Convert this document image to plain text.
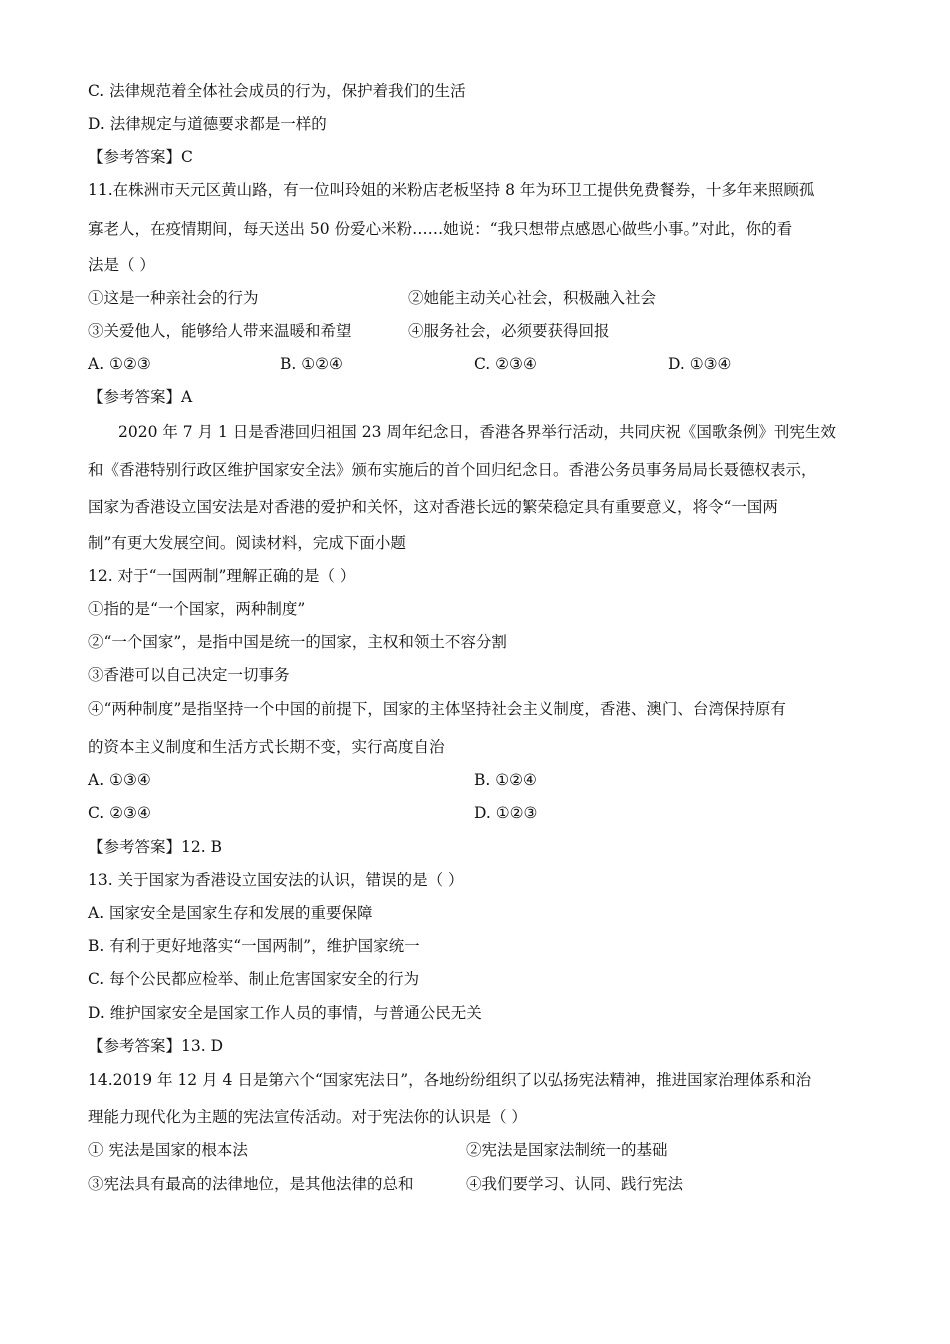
C. 法律规范着全体社会成员的行为，保护着我们的生活
D. 法律规定与道德要求都是一样的
【参考答案】C
11.在株洲市天元区黄山路，有一位叫玲姐的米粉店老板坚持 8 年为环卫工提供免费餐券，十多年来照顾孤
寡老人，在疫情期间，每天送出 50 份爱心米粉……她说：“我只想带点感恩心做些小事。”对此，你的看
法是（ ）
①这是一种亲社会的行为	②她能主动关心社会，积极融入社会
③关爱他人，能够给人带来温暖和希望	④服务社会，必须要获得回报
A. ①②③	B. ①②④	C. ②③④	D. ①③④
【参考答案】A
2020 年 7 月 1 日是香港回归祖国 23 周年纪念日，香港各界举行活动，共同庆祝《国歌条例》刊宪生效
和《香港特别行政区维护国家安全法》颁布实施后的首个回归纪念日。香港公务员事务局局长聂德权表示，
国家为香港设立国安法是对香港的爱护和关怀，这对香港长远的繁荣稳定具有重要意义，将令“一国两
制”有更大发展空间。阅读材料，完成下面小题
12. 对于“一国两制”理解正确的是（ ）
①指的是“一个国家，两种制度”
②“一个国家”，是指中国是统一的国家，主权和领土不容分割
③香港可以自己决定一切事务
④“两种制度”是指坚持一个中国的前提下，国家的主体坚持社会主义制度，香港、澳门、台湾保持原有
的资本主义制度和生活方式长期不变，实行高度自治
A. ①③④	B. ①②④
C. ②③④	D. ①②③
【参考答案】12. B
13. 关于国家为香港设立国安法的认识，错误的是（ ）
A. 国家安全是国家生存和发展的重要保障
B. 有利于更好地落实“一国两制”，维护国家统一
C. 每个公民都应检举、制止危害国家安全的行为
D. 维护国家安全是国家工作人员的事情，与普通公民无关
【参考答案】13. D
14.2019 年 12 月 4 日是第六个“国家宪法日”，各地纷纷组织了以弘扬宪法精神，推进国家治理体系和治
理能力现代化为主题的宪法宣传活动。对于宪法你的认识是（ ）
① 宪法是国家的根本法	②宪法是国家法制统一的基础
③宪法具有最高的法律地位，是其他法律的总和	④我们要学习、认同、践行宪法
